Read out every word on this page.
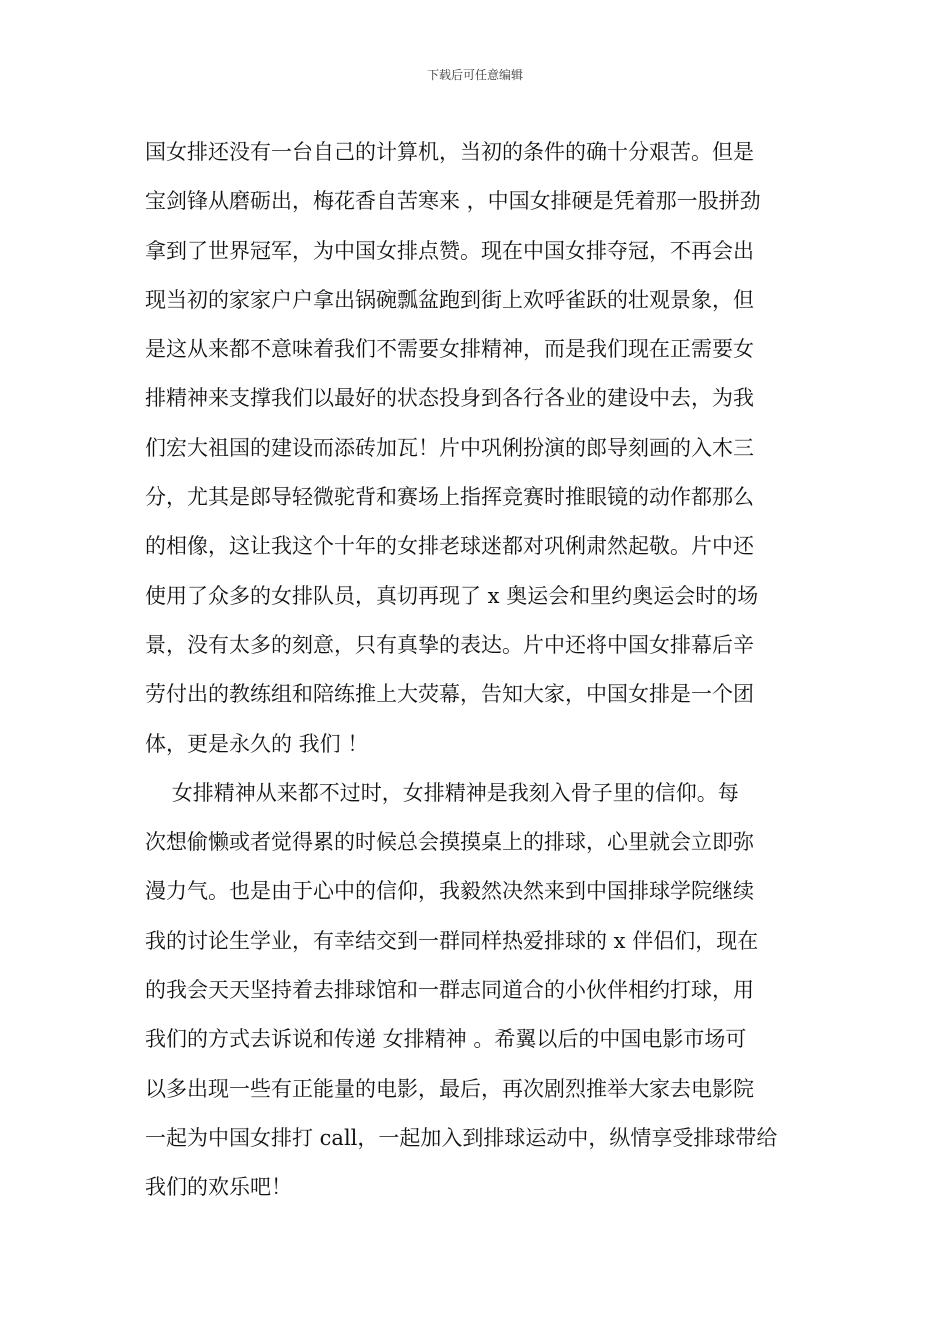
下载后可任意编辑
国女排还没有一台自己的计算机，当初的条件的确十分艰苦。但是
宝剑锋从磨砺出，梅花香自苦寒来 ，中国女排硬是凭着那一股拼劲
拿到了世界冠军，为中国女排点赞。现在中国女排夺冠，不再会出
现当初的家家户户拿出锅碗瓢盆跑到街上欢呼雀跃的壮观景象，但
是这从来都不意味着我们不需要女排精神，而是我们现在正需要女
排精神来支撑我们以最好的状态投身到各行各业的建设中去，为我
们宏大祖国的建设而添砖加瓦！片中巩俐扮演的郎导刻画的入木三
分，尤其是郎导轻微驼背和赛场上指挥竞赛时推眼镜的动作都那么
的相像，这让我这个十年的女排老球迷都对巩俐肃然起敬。片中还
使用了众多的女排队员，真切再现了 x 奥运会和里约奥运会时的场
景，没有太多的刻意，只有真挚的表达。片中还将中国女排幕后辛
劳付出的教练组和陪练推上大荧幕，告知大家，中国女排是一个团
体，更是永久的 我们 ！
女排精神从来都不过时，女排精神是我刻入骨子里的信仰。每
次想偷懒或者觉得累的时候总会摸摸桌上的排球，心里就会立即弥
漫力气。也是由于心中的信仰，我毅然决然来到中国排球学院继续
我的讨论生学业，有幸结交到一群同样热爱排球的 x 伴侣们，现在
的我会天天坚持着去排球馆和一群志同道合的小伙伴相约打球，用
我们的方式去诉说和传递 女排精神 。希翼以后的中国电影市场可
以多出现一些有正能量的电影，最后，再次剧烈推举大家去电影院
一起为中国女排打 call，一起加入到排球运动中，纵情享受排球带给
我们的欢乐吧！
